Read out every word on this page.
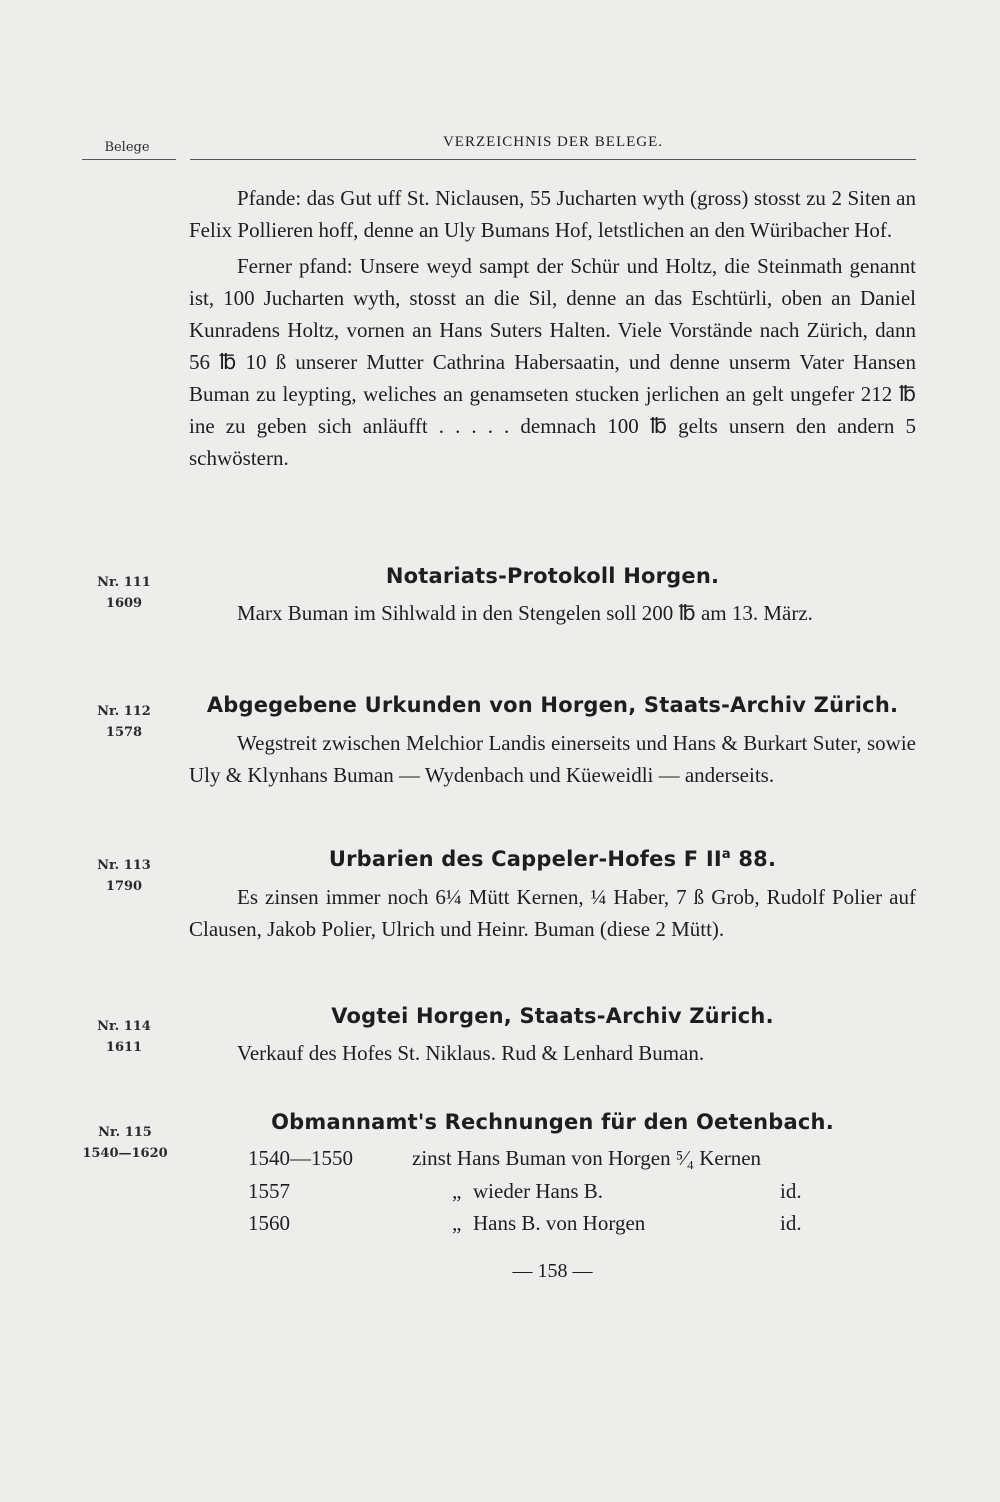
Belege	VERZEICHNIS DER BELEGE.

Pfande: das Gut uff St. Niclausen, 55 Jucharten wyth (gross) stosst zu 2 Siten an Felix Pollieren hoff, denne an Uly Bumans Hof, letstlichen an den Würibacher Hof.

Ferner pfand: Unsere weyd sampt der Schür und Holtz, die Steinmath genannt ist, 100 Jucharten wyth, stosst an die Sil, denne an das Eschtürli, oben an Daniel Kunradens Holtz, vornen an Hans Suters Halten. Viele Vorstände nach Zürich, dann 56 ℔ 10 ß unserer Mutter Cathrina Habersaatin, und denne unserm Vater Hansen Buman zu leypting, weliches an genamseten stucken jerlichen an gelt ungefer 212 ℔ ine zu geben sich anläufft . . . . . demnach 100 ℔ gelts unsern den andern 5 schwöstern.

Nr. 111
1609
Notariats-Protokoll Horgen.

Marx Buman im Sihlwald in den Stengelen soll 200 ℔ am 13. März.

Nr. 112
1578
Abgegebene Urkunden von Horgen, Staats-Archiv Zürich.

Wegstreit zwischen Melchior Landis einerseits und Hans & Burkart Suter, sowie Uly & Klynhans Buman — Wydenbach und Küeweidli — anderseits.

Nr. 113
1790
Urbarien des Cappeler-Hofes F $II^a$ 88.

Es zinsen immer noch 6¼ Mütt Kernen, ¼ Haber, 7 ß Grob, Rudolf Polier auf Clausen, Jakob Polier, Ulrich und Heinr. Buman (diese 2 Mütt).

Nr. 114
1611
Vogtei Horgen, Staats-Archiv Zürich.

Verkauf des Hofes St. Niklaus. Rud & Lenhard Buman.

Nr. 115
1540—1620
Obmannamt's Rechnungen für den Oetenbach.
1540—1550	zinst Hans Buman von Horgen ⁵⁄₄ Kernen
1557	„ wieder Hans B.	id.
1560	„ Hans B. von Horgen	id.
— 158 —
